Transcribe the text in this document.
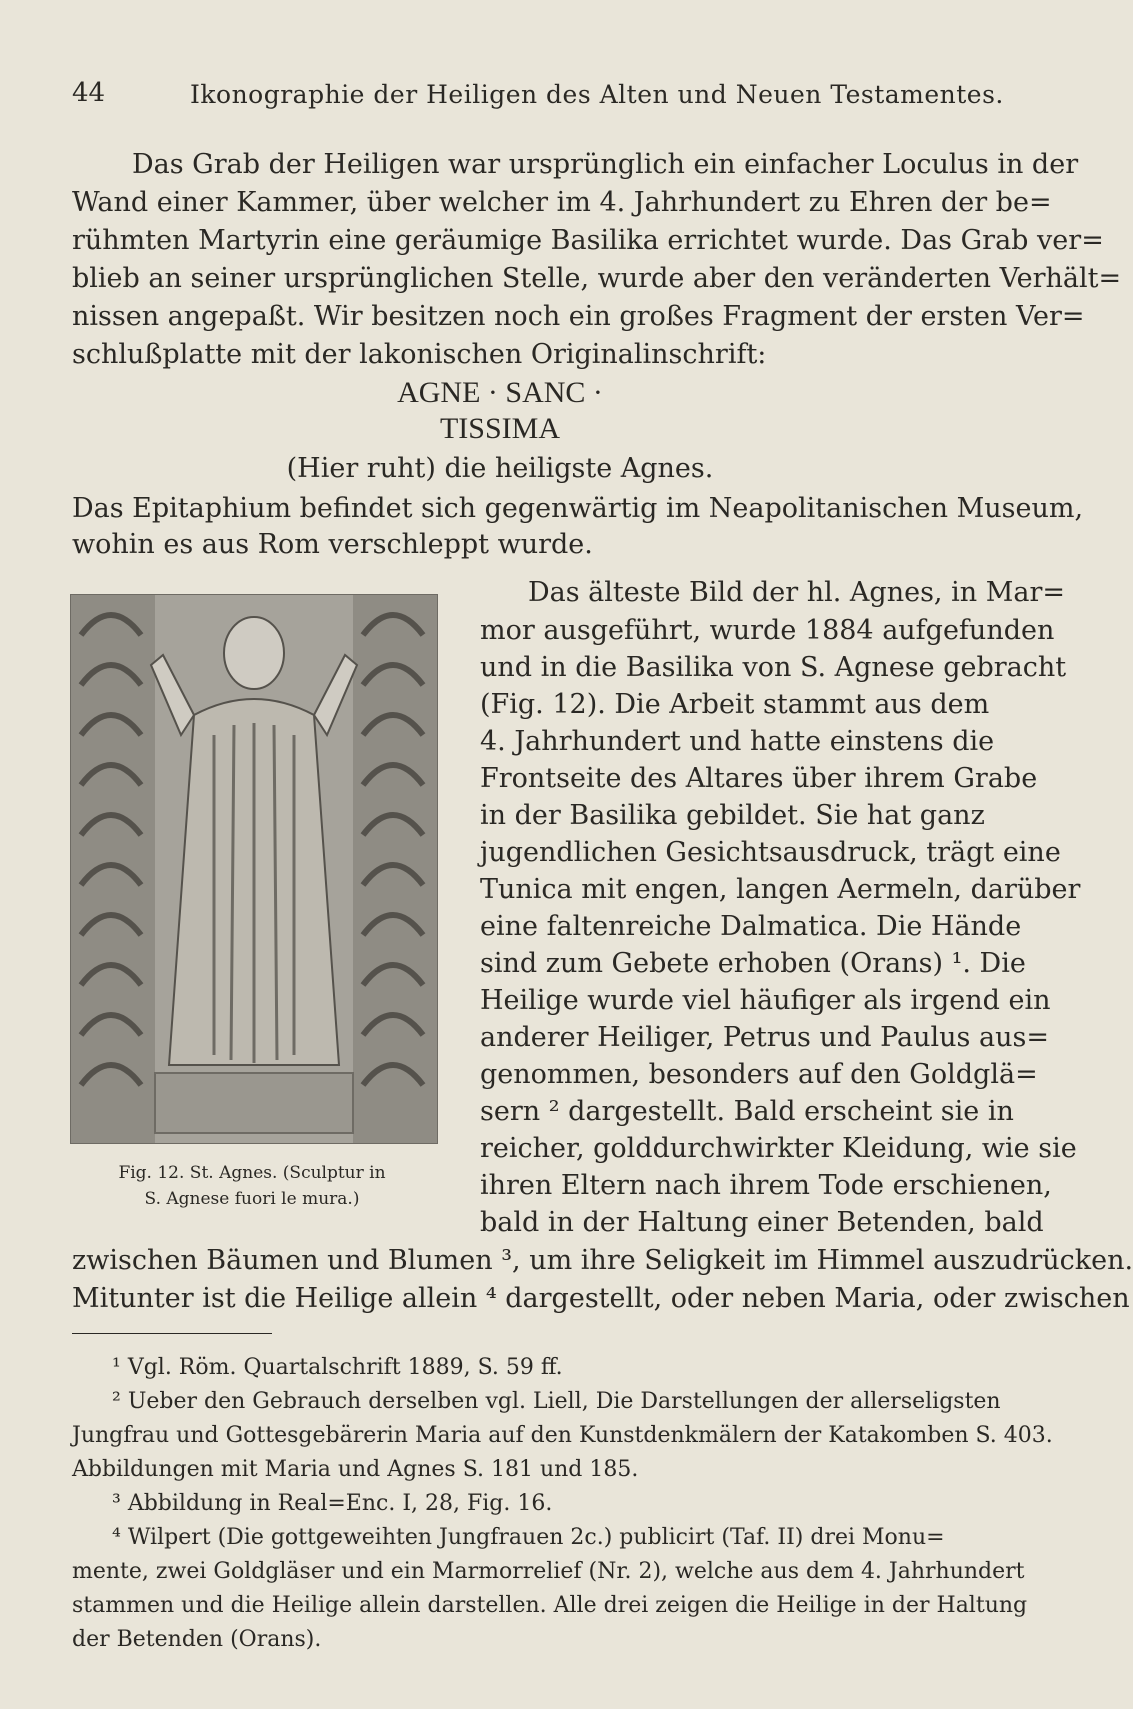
44	Ikonographie der Heiligen des Alten und Neuen Testamentes.
Das Grab der Heiligen war ursprünglich ein einfacher Loculus in der
Wand einer Kammer, über welcher im 4. Jahrhundert zu Ehren der be=
rühmten Martyrin eine geräumige Basilika errichtet wurde. Das Grab ver=
blieb an seiner ursprünglichen Stelle, wurde aber den veränderten Verhält=
nissen angepaßt. Wir besitzen noch ein großes Fragment der ersten Ver=
schlußplatte mit der lakonischen Originalinschrift:
AGNE · SANC ·
TISSIMA
(Hier ruht) die heiligste Agnes.
Das Epitaphium befindet sich gegenwärtig im Neapolitanischen Museum,
wohin es aus Rom verschleppt wurde.
Das älteste Bild der hl. Agnes, in Mar=
mor ausgeführt, wurde 1884 aufgefunden
und in die Basilika von S. Agnese gebracht
(Fig. 12). Die Arbeit stammt aus dem
4. Jahrhundert und hatte einstens die
Frontseite des Altares über ihrem Grabe
in der Basilika gebildet. Sie hat ganz
jugendlichen Gesichtsausdruck, trägt eine
Tunica mit engen, langen Aermeln, darüber
eine faltenreiche Dalmatica. Die Hände
sind zum Gebete erhoben (Orans) ¹. Die
Heilige wurde viel häufiger als irgend ein
anderer Heiliger, Petrus und Paulus aus=
genommen, besonders auf den Goldglä=
sern ² dargestellt. Bald erscheint sie in
reicher, golddurchwirkter Kleidung, wie sie
ihren Eltern nach ihrem Tode erschienen,
bald in der Haltung einer Betenden, bald
Fig. 12. St. Agnes. (Sculptur in
S. Agnese fuori le mura.)
zwischen Bäumen und Blumen ³, um ihre Seligkeit im Himmel auszudrücken.
Mitunter ist die Heilige allein ⁴ dargestellt, oder neben Maria, oder zwischen
¹ Vgl. Röm. Quartalschrift 1889, S. 59 ff.
² Ueber den Gebrauch derselben vgl. Liell, Die Darstellungen der allerseligsten
Jungfrau und Gottesgebärerin Maria auf den Kunstdenkmälern der Katakomben S. 403.
Abbildungen mit Maria und Agnes S. 181 und 185.
³ Abbildung in Real=Enc. I, 28, Fig. 16.
⁴ Wilpert (Die gottgeweihten Jungfrauen 2c.) publicirt (Taf. II) drei Monu=
mente, zwei Goldgläser und ein Marmorrelief (Nr. 2), welche aus dem 4. Jahrhundert
stammen und die Heilige allein darstellen. Alle drei zeigen die Heilige in der Haltung
der Betenden (Orans).
